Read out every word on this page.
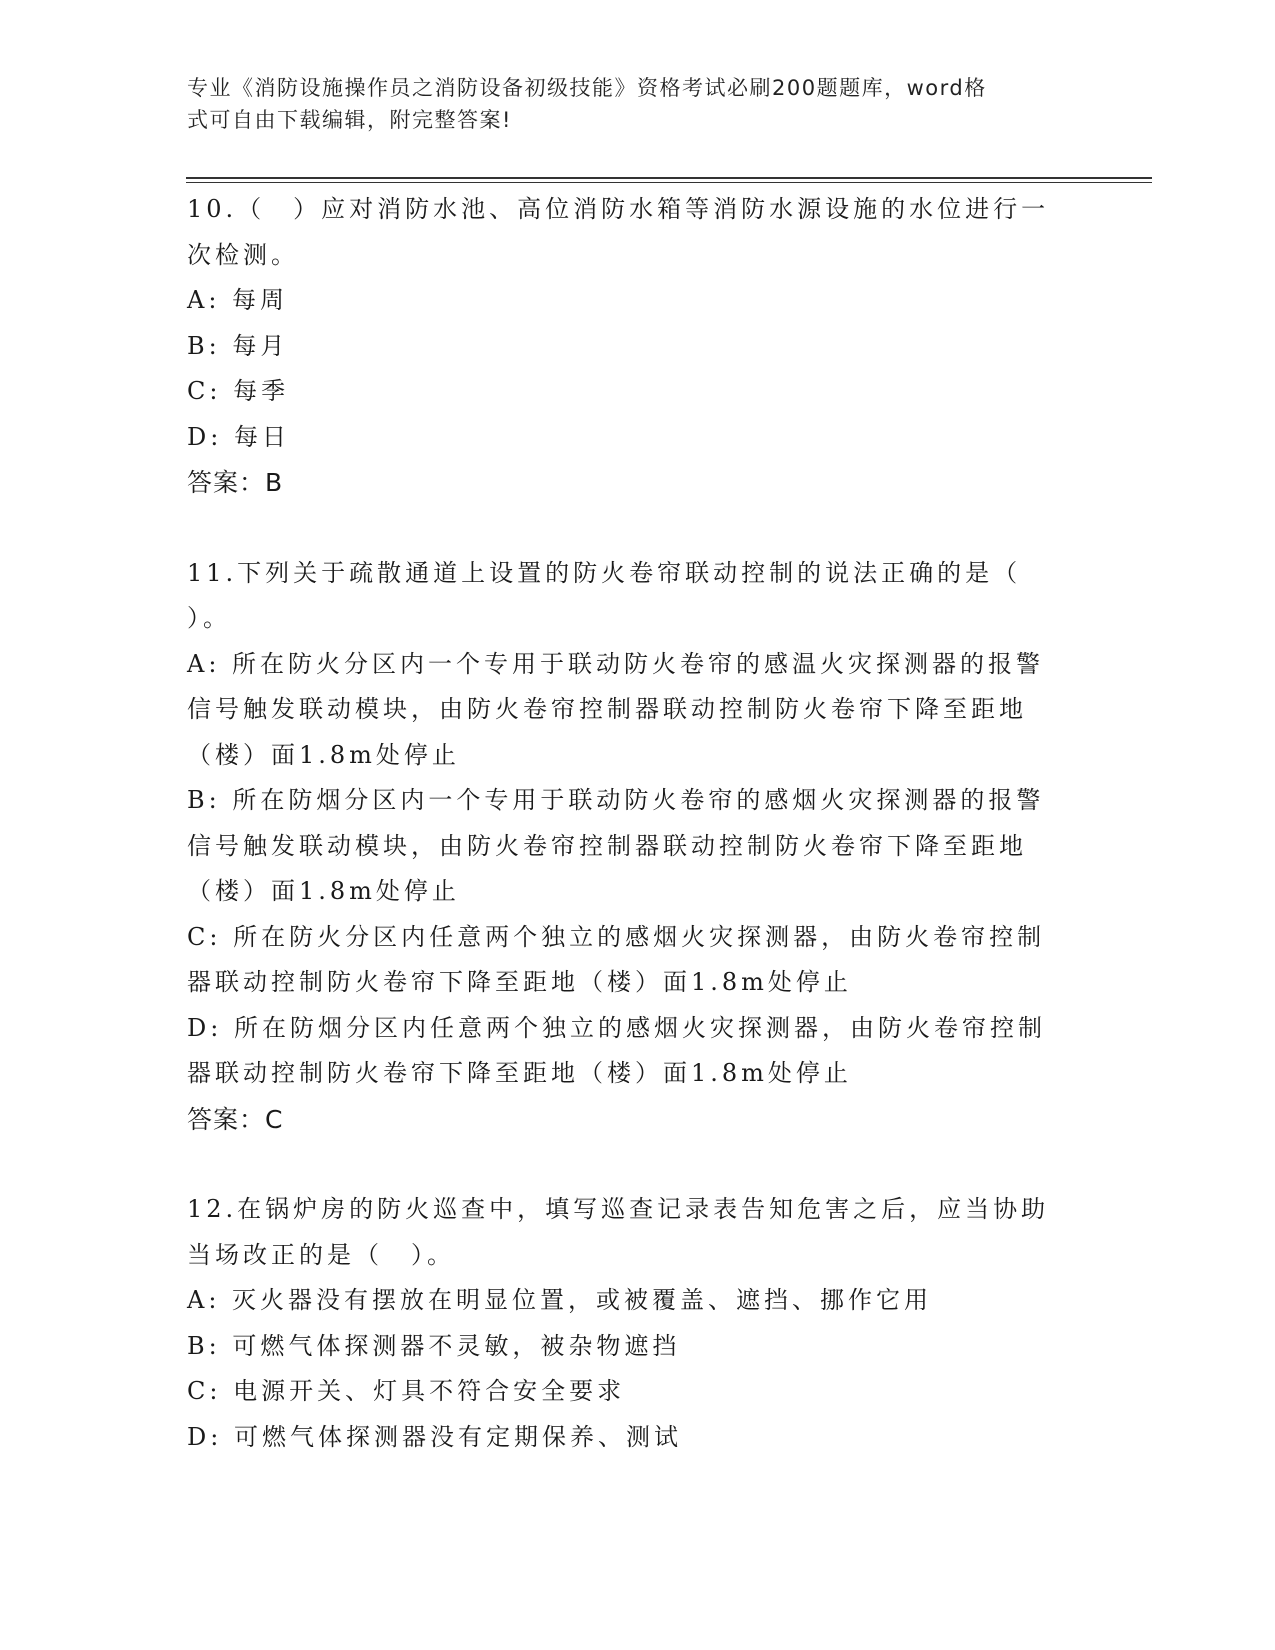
专业《消防设施操作员之消防设备初级技能》资格考试必刷200题题库，word格
式可自由下载编辑，附完整答案!
10.（　）应对消防水池、高位消防水箱等消防水源设施的水位进行一
次检测。
A: 每周
B: 每月
C: 每季
D: 每日
答案：B
11.下列关于疏散通道上设置的防火卷帘联动控制的说法正确的是（
）。
A: 所在防火分区内一个专用于联动防火卷帘的感温火灾探测器的报警
信号触发联动模块，由防火卷帘控制器联动控制防火卷帘下降至距地
（楼）面1.8m处停止
B: 所在防烟分区内一个专用于联动防火卷帘的感烟火灾探测器的报警
信号触发联动模块，由防火卷帘控制器联动控制防火卷帘下降至距地
（楼）面1.8m处停止
C: 所在防火分区内任意两个独立的感烟火灾探测器，由防火卷帘控制
器联动控制防火卷帘下降至距地（楼）面1.8m处停止
D: 所在防烟分区内任意两个独立的感烟火灾探测器，由防火卷帘控制
器联动控制防火卷帘下降至距地（楼）面1.8m处停止
答案：C
12.在锅炉房的防火巡查中，填写巡查记录表告知危害之后，应当协助
当场改正的是（　）。
A: 灭火器没有摆放在明显位置，或被覆盖、遮挡、挪作它用
B: 可燃气体探测器不灵敏，被杂物遮挡
C: 电源开关、灯具不符合安全要求
D: 可燃气体探测器没有定期保养、测试
